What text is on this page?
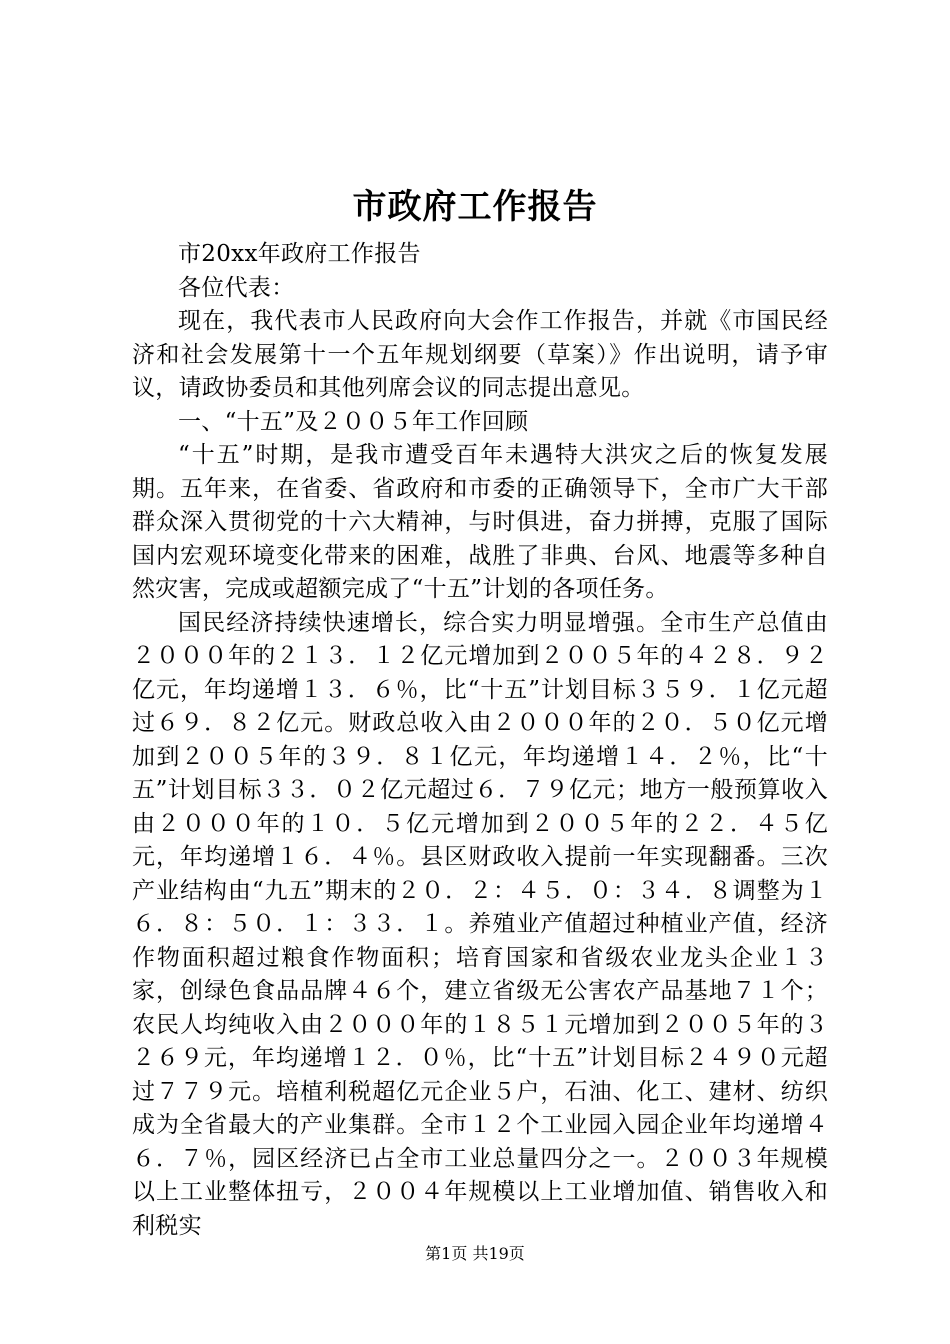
市政府工作报告

市20xx年政府工作报告

各位代表：

现在，我代表市人民政府向大会作工作报告，并就《市国民经济和社会发展第十一个五年规划纲要（草案）》作出说明，请予审议，请政协委员和其他列席会议的同志提出意见。

一、“十五”及２００５年工作回顾

“十五”时期，是我市遭受百年未遇特大洪灾之后的恢复发展期。五年来，在省委、省政府和市委的正确领导下，全市广大干部群众深入贯彻党的十六大精神，与时俱进，奋力拼搏，克服了国际国内宏观环境变化带来的困难，战胜了非典、台风、地震等多种自然灾害，完成或超额完成了“十五”计划的各项任务。

国民经济持续快速增长，综合实力明显增强。全市生产总值由２０００年的２１３．１２亿元增加到２００５年的４２８．９２亿元，年均递增１３．６％，比“十五”计划目标３５９．１亿元超过６９．８２亿元。财政总收入由２０００年的２０．５０亿元增加到２００５年的３９．８１亿元，年均递增１４．２％，比“十五”计划目标３３．０２亿元超过６．７９亿元；地方一般预算收入由２０００年的１０．５亿元增加到２００５年的２２．４５亿元，年均递增１６．４％。县区财政收入提前一年实现翻番。三次产业结构由“九五”期末的２０．２：４５．０：３４．８调整为１６．８：５０．１：３３．１。养殖业产值超过种植业产值，经济作物面积超过粮食作物面积；培育国家和省级农业龙头企业１３家，创绿色食品品牌４６个，建立省级无公害农产品基地７１个；农民人均纯收入由２０００年的１８５１元增加到２００５年的３２６９元，年均递增１２．０％，比“十五”计划目标２４９０元超过７７９元。培植利税超亿元企业５户，石油、化工、建材、纺织成为全省最大的产业集群。全市１２个工业园入园企业年均递增４６．７％，园区经济已占全市工业总量四分之一。２００３年规模以上工业整体扭亏，２００４年规模以上工业增加值、销售收入和利税实

第1页 共19页
